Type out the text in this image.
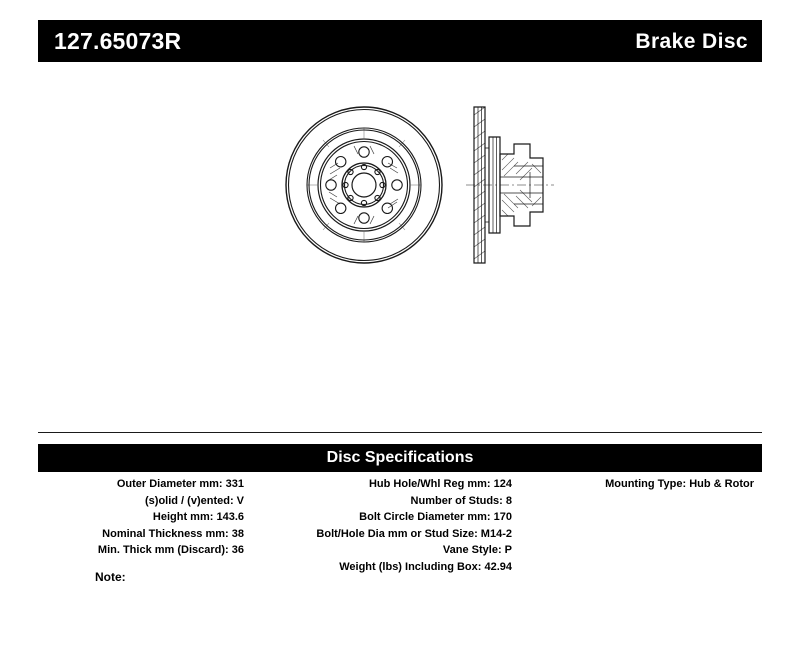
127.65073R	Brake Disc
Disc Specifications
Outer Diameter mm: 331
(s)olid / (v)ented: V
Height mm: 143.6
Nominal Thickness mm: 38
Min. Thick mm (Discard): 36
Hub Hole/Whl Reg mm: 124
Number of Studs: 8
Bolt Circle Diameter mm: 170
Bolt/Hole Dia mm or Stud Size: M14-2
Vane Style: P
Weight (lbs) Including Box: 42.94
Mounting Type: Hub & Rotor
Note:
